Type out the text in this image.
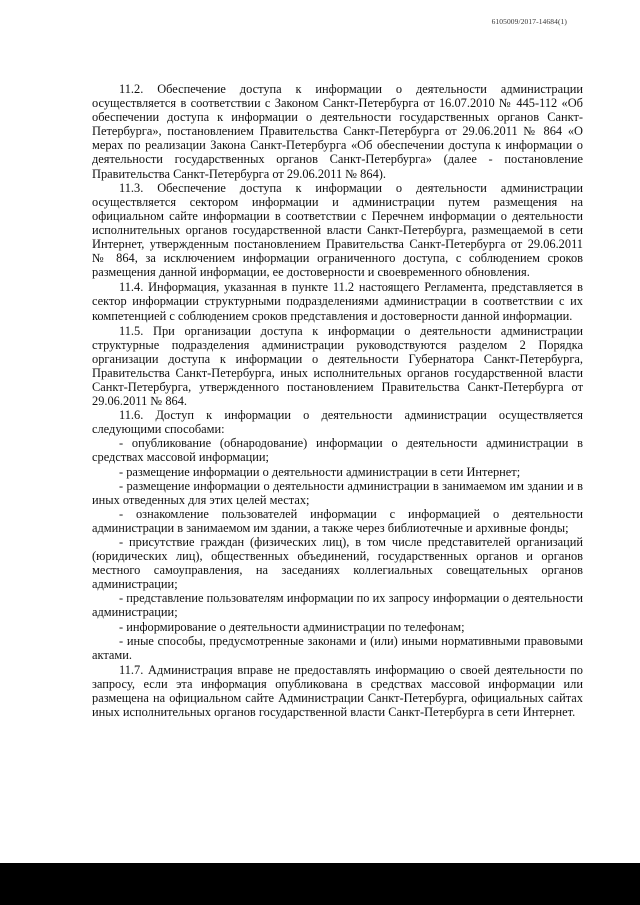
6105009/2017-14684(1)

11.2. Обеспечение доступа к информации о деятельности администрации осуществляется в соответствии с Законом Санкт-Петербурга от 16.07.2010 № 445-112 «Об обеспечении доступа к информации о деятельности государственных органов Санкт-Петербурга», постановлением Правительства Санкт-Петербурга от 29.06.2011 № 864 «О мерах по реализации Закона Санкт-Петербурга «Об обеспечении доступа к информации о деятельности государственных органов Санкт-Петербурга» (далее - постановление Правительства Санкт-Петербурга от 29.06.2011 № 864).

11.3. Обеспечение доступа к информации о деятельности администрации осуществляется сектором информации и администрации путем размещения на официальном сайте информации в соответствии с Перечнем информации о деятельности исполнительных органов государственной власти Санкт-Петербурга, размещаемой в сети Интернет, утвержденным постановлением Правительства Санкт-Петербурга от 29.06.2011 № 864, за исключением информации ограниченного доступа, с соблюдением сроков размещения данной информации, ее достоверности и своевременного обновления.

11.4. Информация, указанная в пункте 11.2 настоящего Регламента, представляется в сектор информации структурными подразделениями администрации в соответствии с их компетенцией с соблюдением сроков представления и достоверности данной информации.

11.5. При организации доступа к информации о деятельности администрации структурные подразделения администрации руководствуются разделом 2 Порядка организации доступа к информации о деятельности Губернатора Санкт-Петербурга, Правительства Санкт-Петербурга, иных исполнительных органов государственной власти Санкт-Петербурга, утвержденного постановлением Правительства Санкт-Петербурга от 29.06.2011 № 864.

11.6. Доступ к информации о деятельности администрации осуществляется следующими способами:

- опубликование (обнародование) информации о деятельности администрации в средствах массовой информации;

- размещение информации о деятельности администрации в сети Интернет;

- размещение информации о деятельности администрации в занимаемом им здании и в иных отведенных для этих целей местах;

- ознакомление пользователей информации с информацией о деятельности администрации в занимаемом им здании, а также через библиотечные и архивные фонды;

- присутствие граждан (физических лиц), в том числе представителей организаций (юридических лиц), общественных объединений, государственных органов и органов местного самоуправления, на заседаниях коллегиальных совещательных органов администрации;

- представление пользователям информации по их запросу информации о деятельности администрации;

- информирование о деятельности администрации по телефонам;

- иные способы, предусмотренные законами и (или) иными нормативными правовыми актами.

11.7. Администрация вправе не предоставлять информацию о своей деятельности по запросу, если эта информация опубликована в средствах массовой информации или размещена на официальном сайте Администрации Санкт-Петербурга, официальных сайтах иных исполнительных органов государственной власти Санкт-Петербурга в сети Интернет.
